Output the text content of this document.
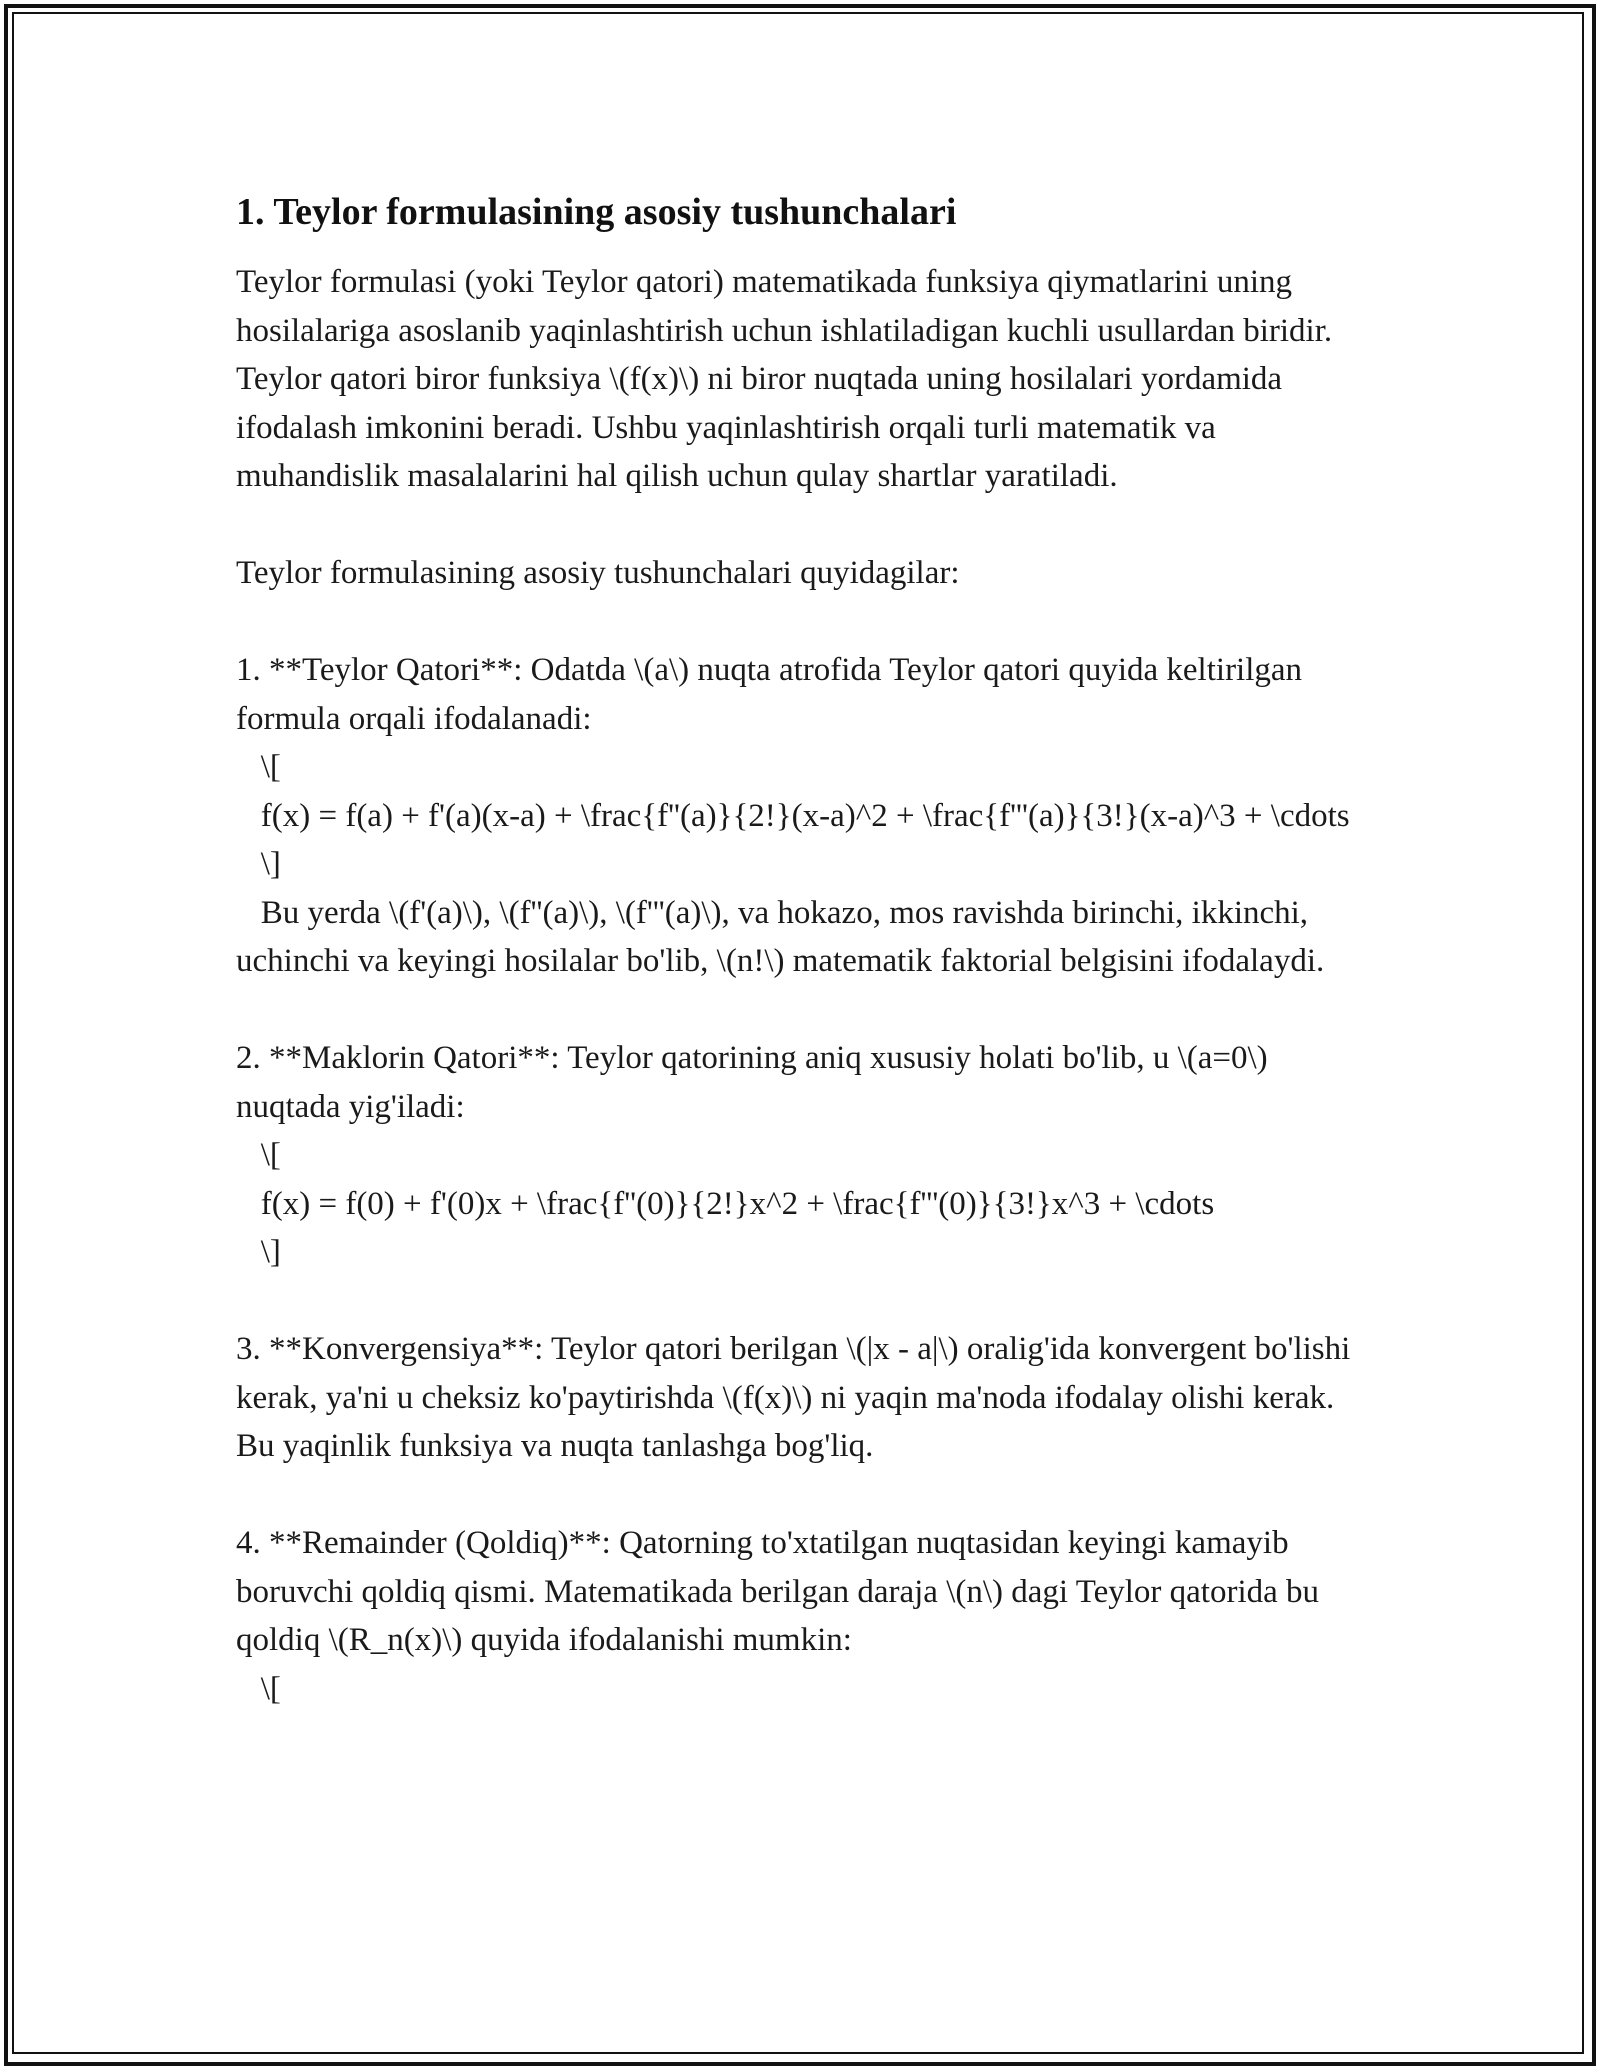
1. Teylor formulasining asosiy tushunchalari

Teylor formulasi (yoki Teylor qatori) matematikada funksiya qiymatlarini uning hosilalariga asoslanib yaqinlashtirish uchun ishlatiladigan kuchli usullardan biridir. Teylor qatori biror funksiya \(f(x)\) ni biror nuqtada uning hosilalari yordamida ifodalash imkonini beradi. Ushbu yaqinlashtirish orqali turli matematik va muhandislik masalalarini hal qilish uchun qulay shartlar yaratiladi.

Teylor formulasining asosiy tushunchalari quyidagilar:

1. **Teylor Qatori**: Odatda \(a\) nuqta atrofida Teylor qatori quyida keltirilgan formula orqali ifodalanadi:
\[
f(x) = f(a) + f'(a)(x-a) + \frac{f''(a)}{2!}(x-a)^2 + \frac{f'''(a)}{3!}(x-a)^3 + \cdots
\]
Bu yerda \(f'(a)\), \(f''(a)\), \(f'''(a)\), va hokazo, mos ravishda birinchi, ikkinchi, uchinchi va keyingi hosilalar bo'lib, \(n!\) matematik faktorial belgisini ifodalaydi.

2. **Maklorin Qatori**: Teylor qatorining aniq xususiy holati bo'lib, u \(a=0\) nuqtada yig'iladi:
\[
f(x) = f(0) + f'(0)x + \frac{f''(0)}{2!}x^2 + \frac{f'''(0)}{3!}x^3 + \cdots
\]

3. **Konvergensiya**: Teylor qatori berilgan \(|x - a|\) oralig'ida konvergent bo'lishi kerak, ya'ni u cheksiz ko'paytirishda \(f(x)\) ni yaqin ma'noda ifodalay olishi kerak. Bu yaqinlik funksiya va nuqta tanlashga bog'liq.

4. **Remainder (Qoldiq)**: Qatorning to'xtatilgan nuqtasidan keyingi kamayib boruvchi qoldiq qismi. Matematikada berilgan daraja \(n\) dagi Teylor qatorida bu qoldiq \(R_n(x)\) quyida ifodalanishi mumkin:
\[
